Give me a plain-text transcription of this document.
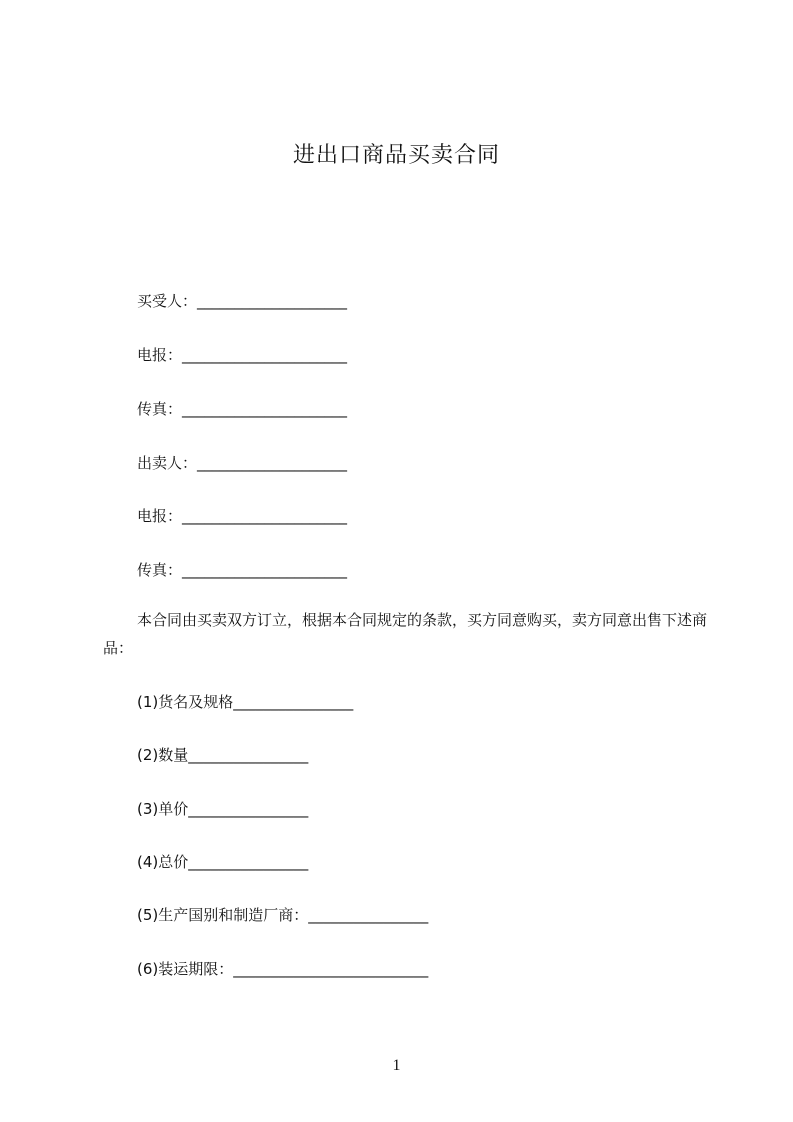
进出口商品买卖合同
买受人：____________________
电报：______________________
传真：______________________
出卖人：____________________
电报：______________________
传真：______________________
本合同由买卖双方订立，根据本合同规定的条款，买方同意购买，卖方同意出售下述商品：
(1)货名及规格________________
(2)数量________________
(3)单价________________
(4)总价________________
(5)生产国别和制造厂商：________________
(6)装运期限：__________________________
1
